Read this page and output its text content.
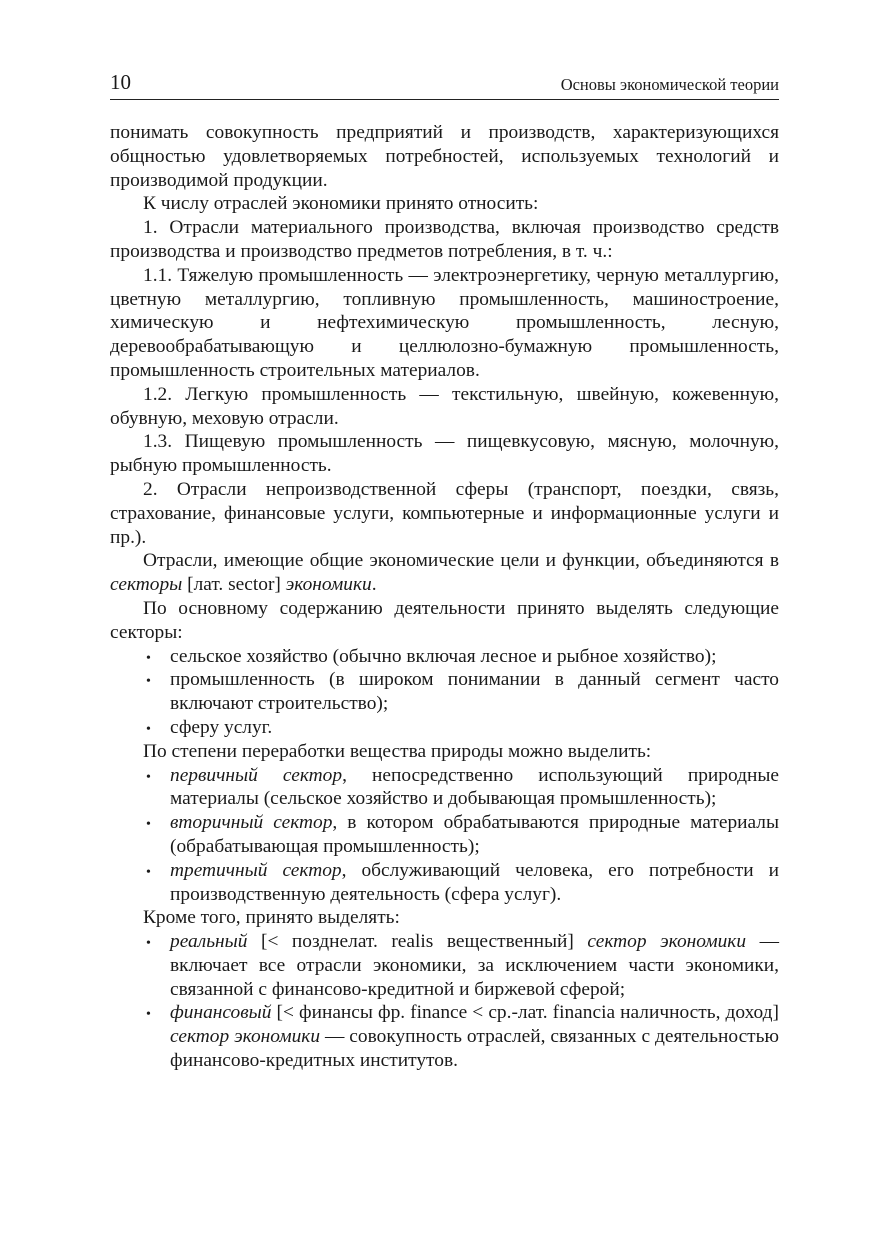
10	Основы экономической теории

понимать совокупность предприятий и производств, характеризующихся общностью удовлетворяемых потребностей, используемых технологий и производимой продукции.

К числу отраслей экономики принято относить:

1. Отрасли материального производства, включая производство средств производства и производство предметов потребления, в т. ч.:

1.1. Тяжелую промышленность — электроэнергетику, черную металлургию, цветную металлургию, топливную промышленность, машиностроение, химическую и нефтехимическую промышленность, лесную, деревообрабатывающую и целлюлозно-бумажную промышленность, промышленность строительных материалов.

1.2. Легкую промышленность — текстильную, швейную, кожевенную, обувную, меховую отрасли.

1.3. Пищевую промышленность — пищевкусовую, мясную, молочную, рыбную промышленность.

2. Отрасли непроизводственной сферы (транспорт, поездки, связь, страхование, финансовые услуги, компьютерные и информационные услуги и пр.).

Отрасли, имеющие общие экономические цели и функции, объединяются в секторы [лат. sector] экономики.

По основному содержанию деятельности принято выделять следующие секторы:

•
сельское хозяйство (обычно включая лесное и рыбное хозяйство);
•
промышленность (в широком понимании в данный сегмент часто включают строительство);
•
сферу услуг.

По степени переработки вещества природы можно выделить:

•
первичный сектор, непосредственно использующий природные материалы (сельское хозяйство и добывающая промышленность);
•
вторичный сектор, в котором обрабатываются природные материалы (обрабатывающая промышленность);
•
третичный сектор, обслуживающий человека, его потребности и производственную деятельность (сфера услуг).

Кроме того, принято выделять:

•
реальный [< позднелат. realis вещественный] сектор экономики — включает все отрасли экономики, за исключением части экономики, связанной с финансово-кредитной и биржевой сферой;
•
финансовый [< финансы фр. finance < ср.-лат. financia наличность, доход] сектор экономики — совокупность отраслей, связанных с деятельностью финансово-кредитных институтов.
